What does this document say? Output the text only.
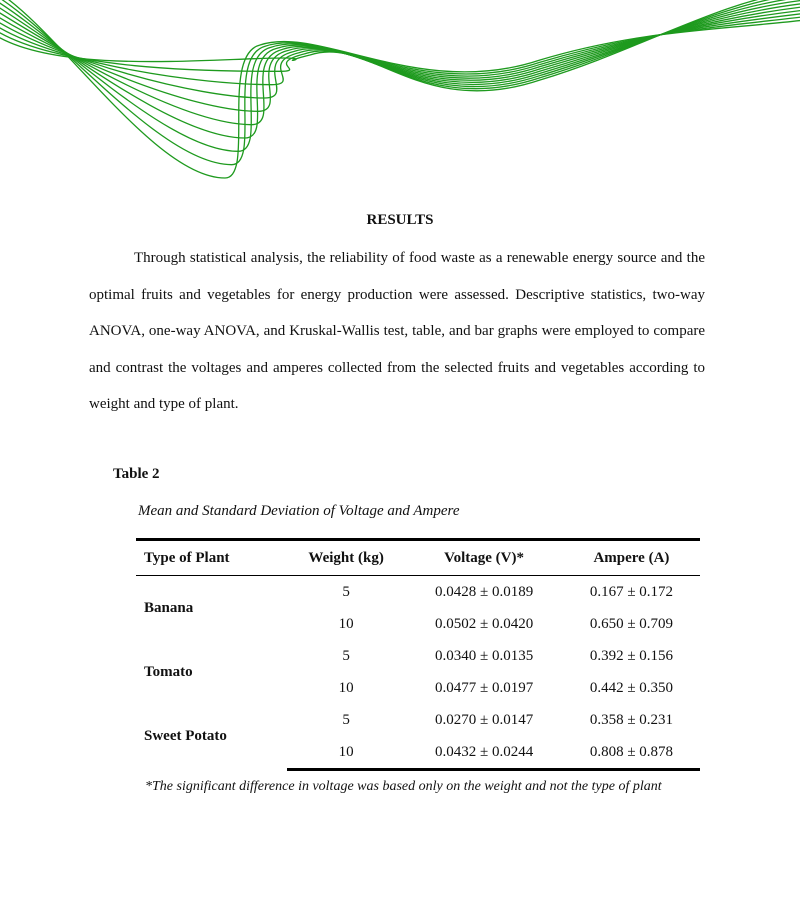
RESULTS

Through statistical analysis, the reliability of food waste as a renewable energy source and the optimal fruits and vegetables for energy production were assessed. Descriptive statistics, two-way ANOVA, one-way ANOVA, and Kruskal-Wallis test, table, and bar graphs were employed to compare and contrast the voltages and amperes collected from the selected fruits and vegetables according to weight and type of plant.

Table 2
Mean and Standard Deviation of Voltage and Ampere
Type of Plant	Weight (kg)	Voltage (V)*	Ampere (A)
Banana	5	0.0428 ± 0.0189	0.167 ± 0.172
	10	0.0502 ± 0.0420	0.650 ± 0.709
Tomato	5	0.0340 ± 0.0135	0.392 ± 0.156
	10	0.0477 ± 0.0197	0.442 ± 0.350
Sweet Potato	5	0.0270 ± 0.0147	0.358 ± 0.231
	10	0.0432 ± 0.0244	0.808 ± 0.878
*The significant difference in voltage was based only on the weight and not the type of plant
